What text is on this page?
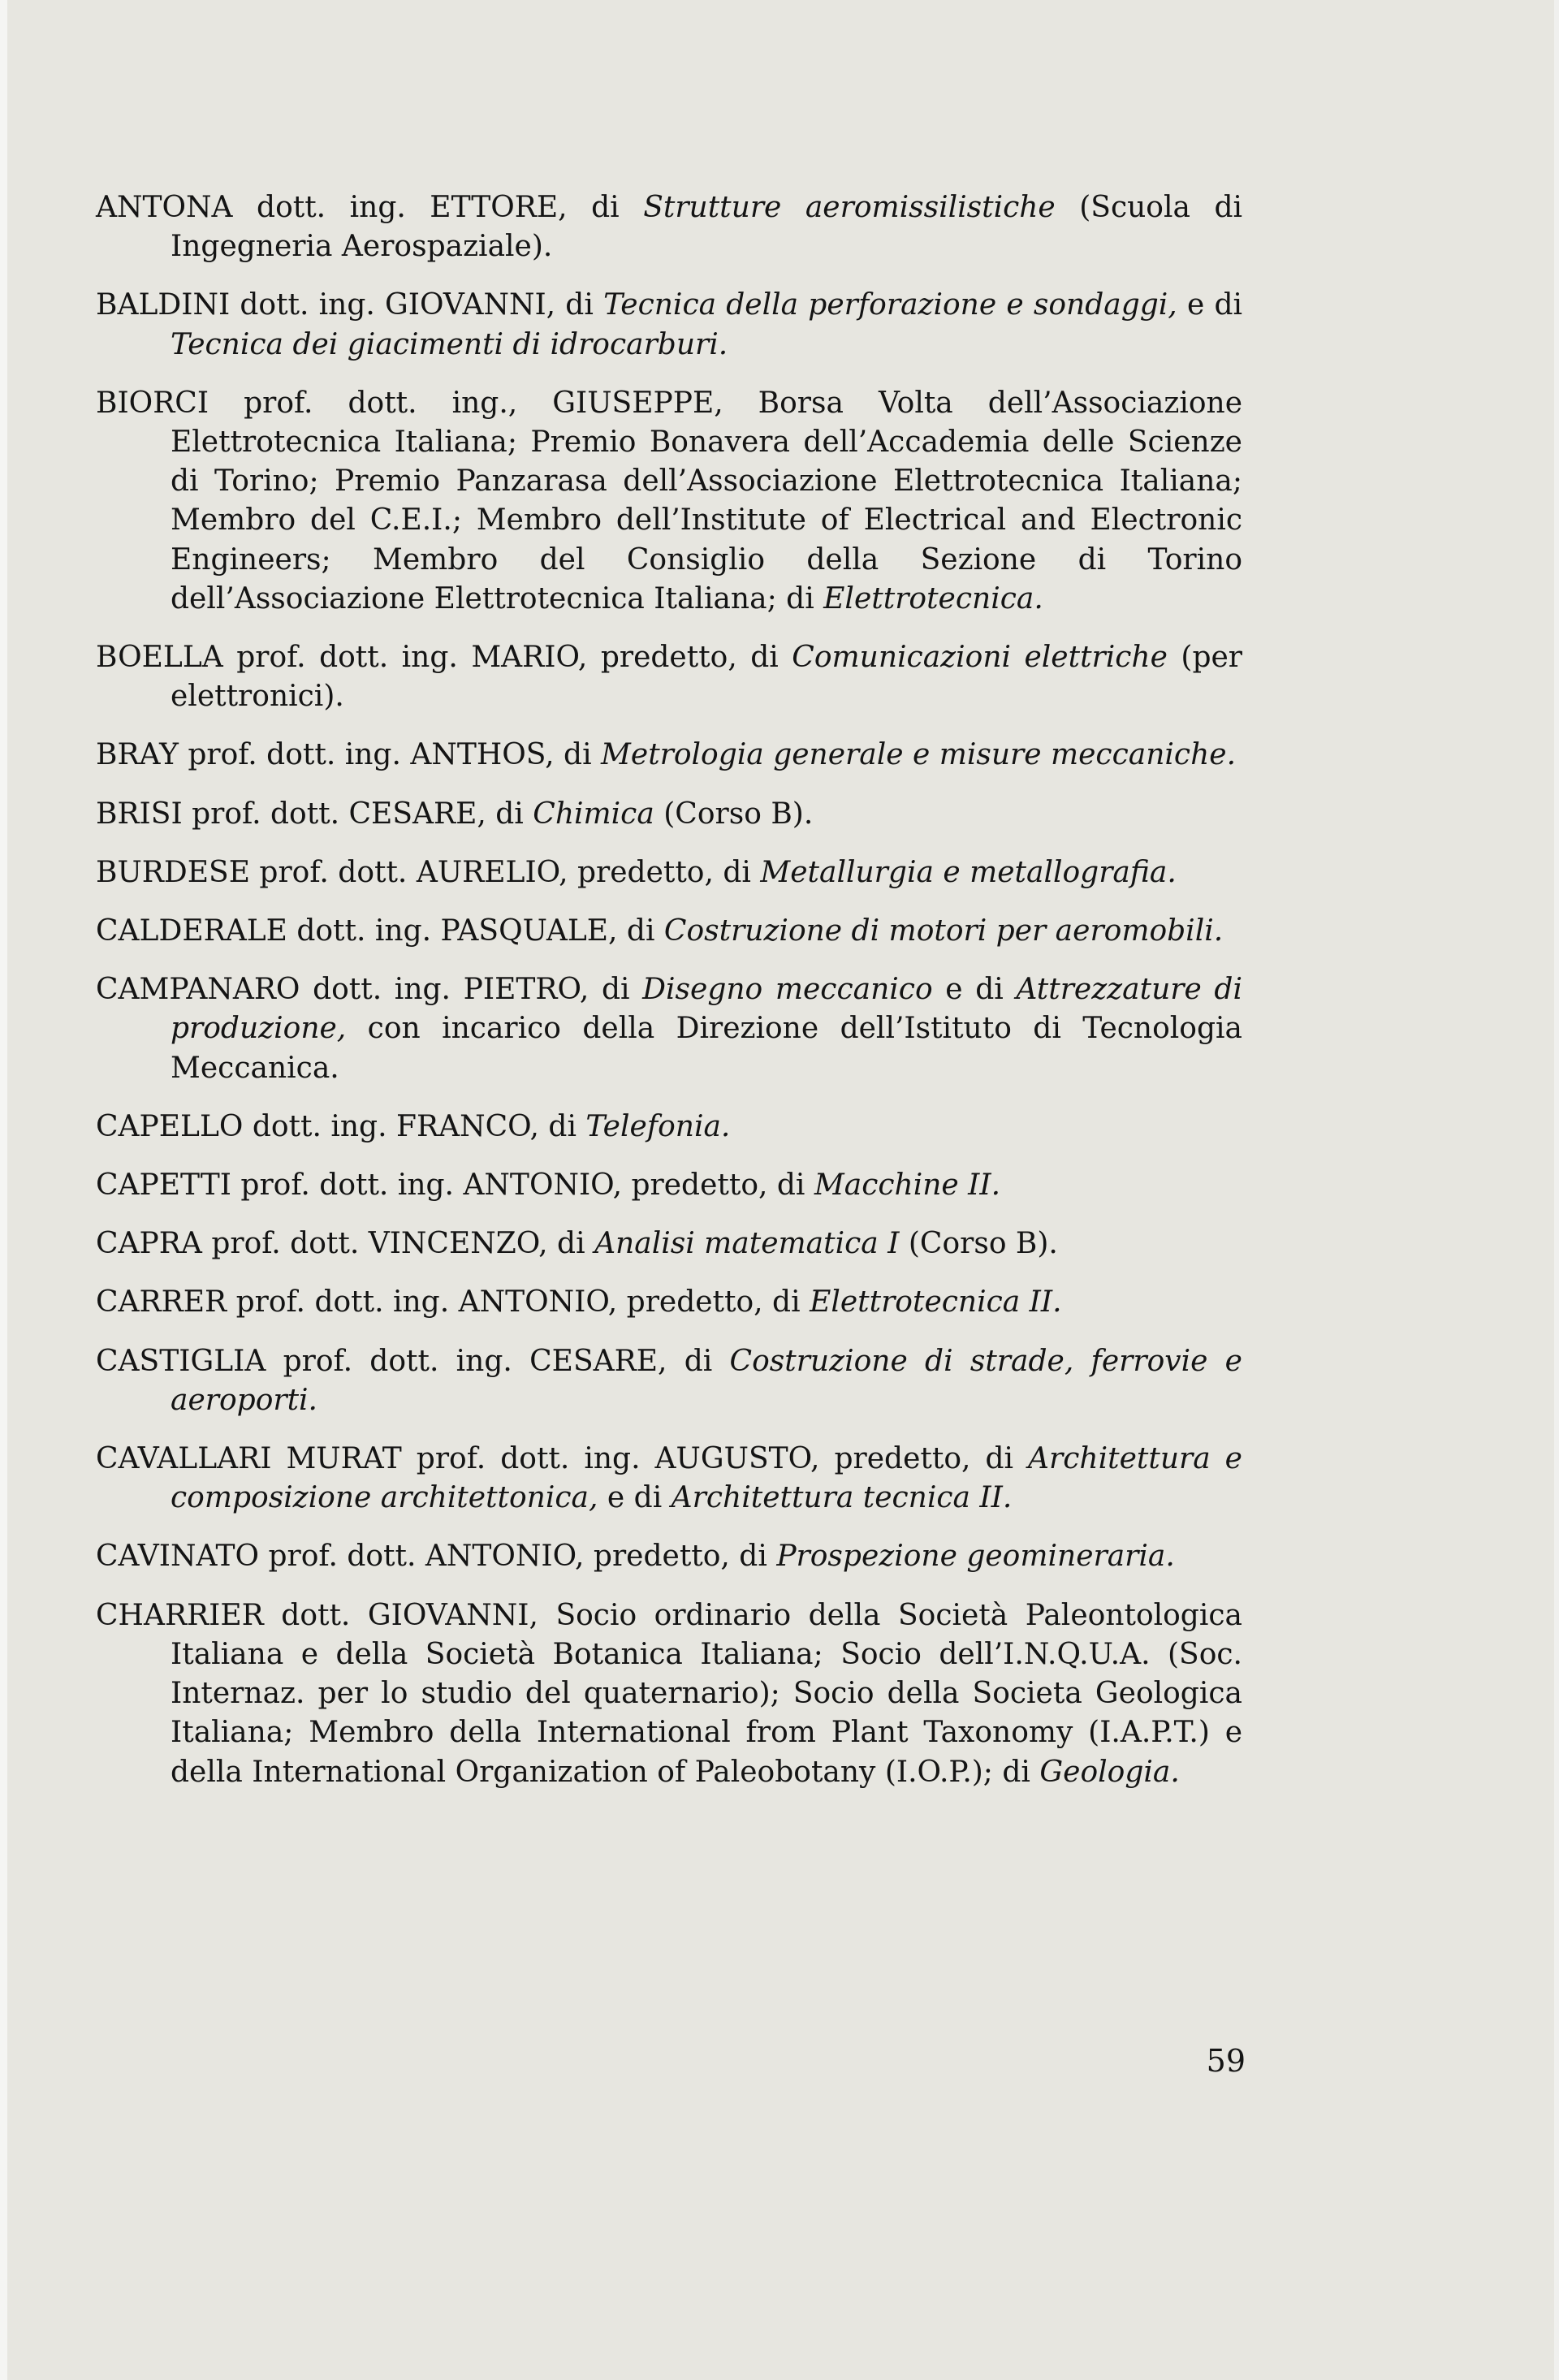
ANTONA dott. ing. ETTORE, di Strutture aeromissilistiche (Scuola di Ingegneria Aerospaziale).

BALDINI dott. ing. GIOVANNI, di Tecnica della perforazione e sondaggi, e di Tecnica dei giacimenti di idrocarburi.

BIORCI prof. dott. ing., GIUSEPPE, Borsa Volta dell’Associazione Elettrotecnica Italiana; Premio Bonavera dell’Accademia delle Scienze di Torino; Premio Panzarasa dell’Associazione Elettrotecnica Italiana; Membro del C.E.I.; Membro dell’Institute of Electrical and Electronic Engineers; Membro del Consiglio della Sezione di Torino dell’Associazione Elettrotecnica Italiana; di Elettrotecnica.

BOELLA prof. dott. ing. MARIO, predetto, di Comunicazioni elettriche (per elettronici).

BRAY prof. dott. ing. ANTHOS, di Metrologia generale e misure meccaniche.

BRISI prof. dott. CESARE, di Chimica (Corso B).

BURDESE prof. dott. AURELIO, predetto, di Metallurgia e metallografia.

CALDERALE dott. ing. PASQUALE, di Costruzione di motori per aeromobili.

CAMPANARO dott. ing. PIETRO, di Disegno meccanico e di Attrezzature di produzione, con incarico della Direzione dell’Istituto di Tecnologia Meccanica.

CAPELLO dott. ing. FRANCO, di Telefonia.

CAPETTI prof. dott. ing. ANTONIO, predetto, di Macchine II.

CAPRA prof. dott. VINCENZO, di Analisi matematica I (Corso B).

CARRER prof. dott. ing. ANTONIO, predetto, di Elettrotecnica II.

CASTIGLIA prof. dott. ing. CESARE, di Costruzione di strade, ferrovie e aeroporti.

CAVALLARI MURAT prof. dott. ing. AUGUSTO, predetto, di Architettura e composizione architettonica, e di Architettura tecnica II.

CAVINATO prof. dott. ANTONIO, predetto, di Prospezione geomineraria.

CHARRIER dott. GIOVANNI, Socio ordinario della Società Paleontologica Italiana e della Società Botanica Italiana; Socio dell’I.N.Q.U.A. (Soc. Internaz. per lo studio del quaternario); Socio della Societa Geologica Italiana; Membro della International from Plant Taxonomy (I.A.P.T.) e della International Organization of Paleobotany (I.O.P.); di Geologia.

59
